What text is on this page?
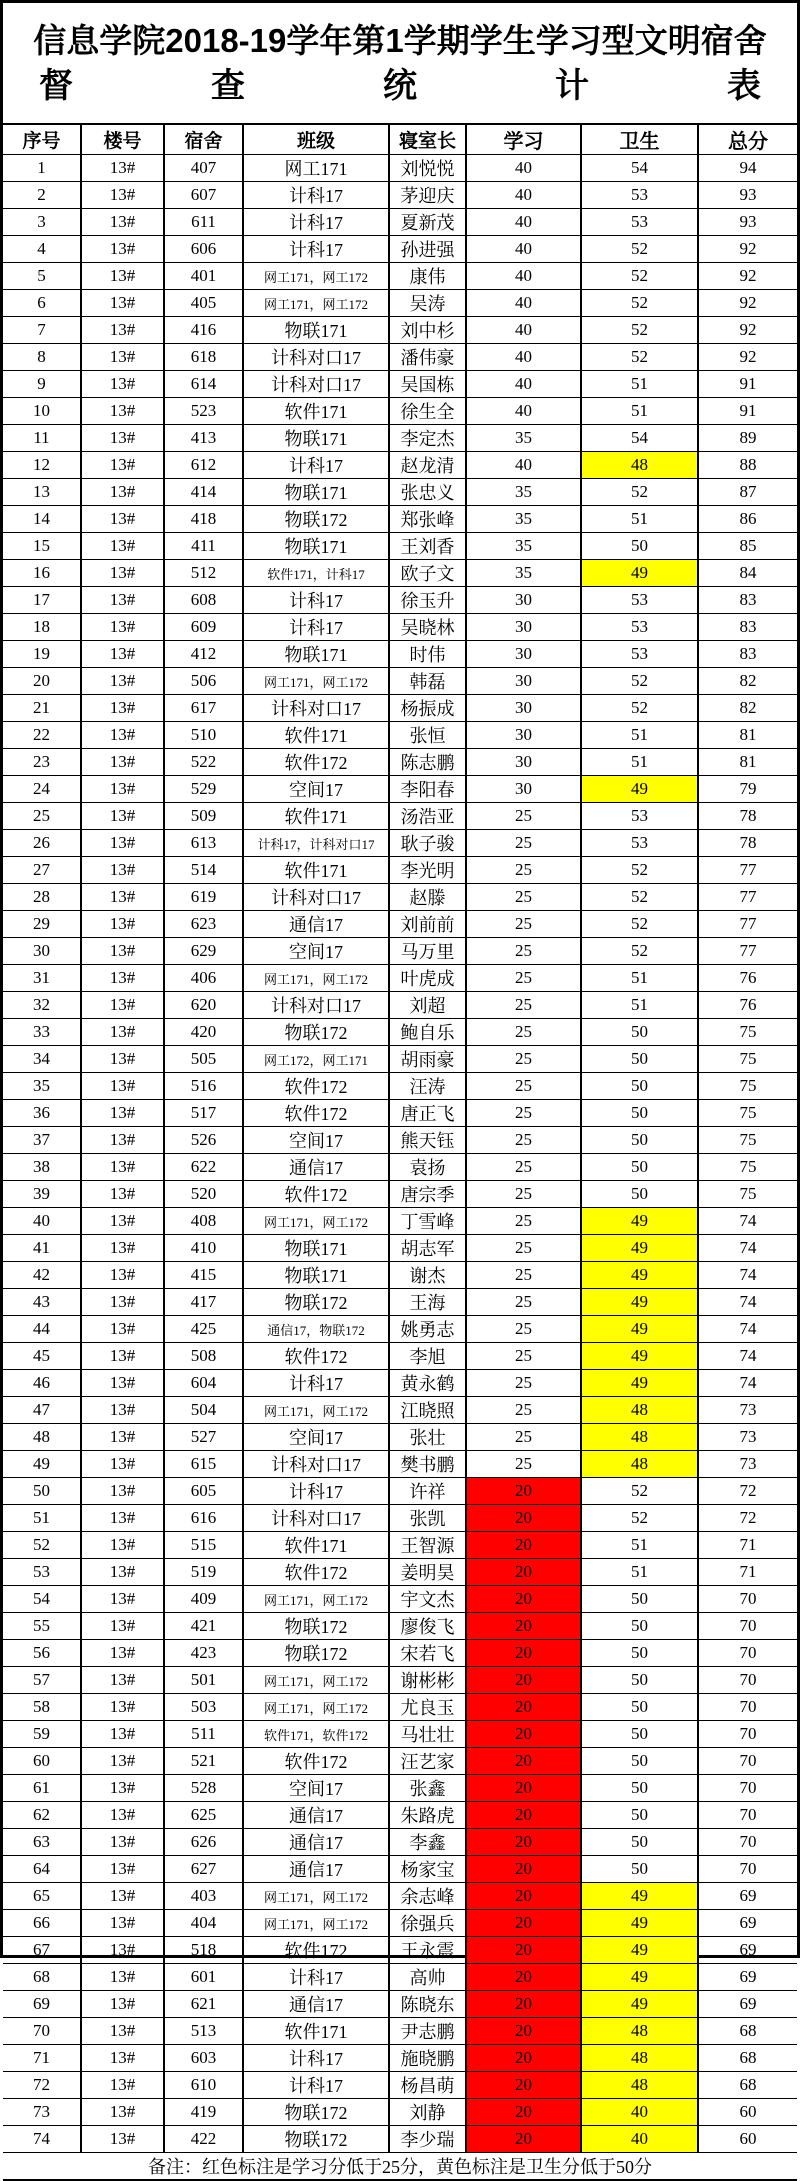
信息学院2018-19学年第1学期学生学习型文明宿舍
督查统计表
序号	楼号	宿舍	班级	寝室长	学习	卫生	总分
1	13#	407	网工171	刘悦悦	40	54	94
2	13#	607	计科17	茅迎庆	40	53	93
3	13#	611	计科17	夏新茂	40	53	93
4	13#	606	计科17	孙进强	40	52	92
5	13#	401	网工171，网工172	康伟	40	52	92
6	13#	405	网工171，网工172	吴涛	40	52	92
7	13#	416	物联171	刘中杉	40	52	92
8	13#	618	计科对口17	潘伟豪	40	52	92
9	13#	614	计科对口17	吴国栋	40	51	91
10	13#	523	软件171	徐生全	40	51	91
11	13#	413	物联171	李定杰	35	54	89
12	13#	612	计科17	赵龙清	40	48	88
13	13#	414	物联171	张忠义	35	52	87
14	13#	418	物联172	郑张峰	35	51	86
15	13#	411	物联171	王刘香	35	50	85
16	13#	512	软件171，计科17	欧子文	35	49	84
17	13#	608	计科17	徐玉升	30	53	83
18	13#	609	计科17	吴晓林	30	53	83
19	13#	412	物联171	时伟	30	53	83
20	13#	506	网工171，网工172	韩磊	30	52	82
21	13#	617	计科对口17	杨振成	30	52	82
22	13#	510	软件171	张恒	30	51	81
23	13#	522	软件172	陈志鹏	30	51	81
24	13#	529	空间17	李阳春	30	49	79
25	13#	509	软件171	汤浩亚	25	53	78
26	13#	613	计科17，计科对口17	耿子骏	25	53	78
27	13#	514	软件171	李光明	25	52	77
28	13#	619	计科对口17	赵滕	25	52	77
29	13#	623	通信17	刘前前	25	52	77
30	13#	629	空间17	马万里	25	52	77
31	13#	406	网工171，网工172	叶虎成	25	51	76
32	13#	620	计科对口17	刘超	25	51	76
33	13#	420	物联172	鲍自乐	25	50	75
34	13#	505	网工172，网工171	胡雨豪	25	50	75
35	13#	516	软件172	汪涛	25	50	75
36	13#	517	软件172	唐正飞	25	50	75
37	13#	526	空间17	熊天钰	25	50	75
38	13#	622	通信17	袁扬	25	50	75
39	13#	520	软件172	唐宗季	25	50	75
40	13#	408	网工171，网工172	丁雪峰	25	49	74
41	13#	410	物联171	胡志军	25	49	74
42	13#	415	物联171	谢杰	25	49	74
43	13#	417	物联172	王海	25	49	74
44	13#	425	通信17，物联172	姚勇志	25	49	74
45	13#	508	软件172	李旭	25	49	74
46	13#	604	计科17	黄永鹤	25	49	74
47	13#	504	网工171，网工172	江晓照	25	48	73
48	13#	527	空间17	张壮	25	48	73
49	13#	615	计科对口17	樊书鹏	25	48	73
50	13#	605	计科17	许祥	20	52	72
51	13#	616	计科对口17	张凯	20	52	72
52	13#	515	软件171	王智源	20	51	71
53	13#	519	软件172	姜明昊	20	51	71
54	13#	409	网工171，网工172	宇文杰	20	50	70
55	13#	421	物联172	廖俊飞	20	50	70
56	13#	423	物联172	宋若飞	20	50	70
57	13#	501	网工171，网工172	谢彬彬	20	50	70
58	13#	503	网工171，网工172	尤良玉	20	50	70
59	13#	511	软件171，软件172	马壮壮	20	50	70
60	13#	521	软件172	汪艺家	20	50	70
61	13#	528	空间17	张鑫	20	50	70
62	13#	625	通信17	朱路虎	20	50	70
63	13#	626	通信17	李鑫	20	50	70
64	13#	627	通信17	杨家宝	20	50	70
65	13#	403	网工171，网工172	余志峰	20	49	69
66	13#	404	网工171，网工172	徐强兵	20	49	69
67	13#	518	软件172	王永震	20	49	69
68	13#	601	计科17	高帅	20	49	69
69	13#	621	通信17	陈晓东	20	49	69
70	13#	513	软件171	尹志鹏	20	48	68
71	13#	603	计科17	施晓鹏	20	48	68
72	13#	610	计科17	杨昌萌	20	48	68
73	13#	419	物联172	刘静	20	40	60
74	13#	422	物联172	李少瑞	20	40	60
备注：红色标注是学习分低于25分，黄色标注是卫生分低于50分							
